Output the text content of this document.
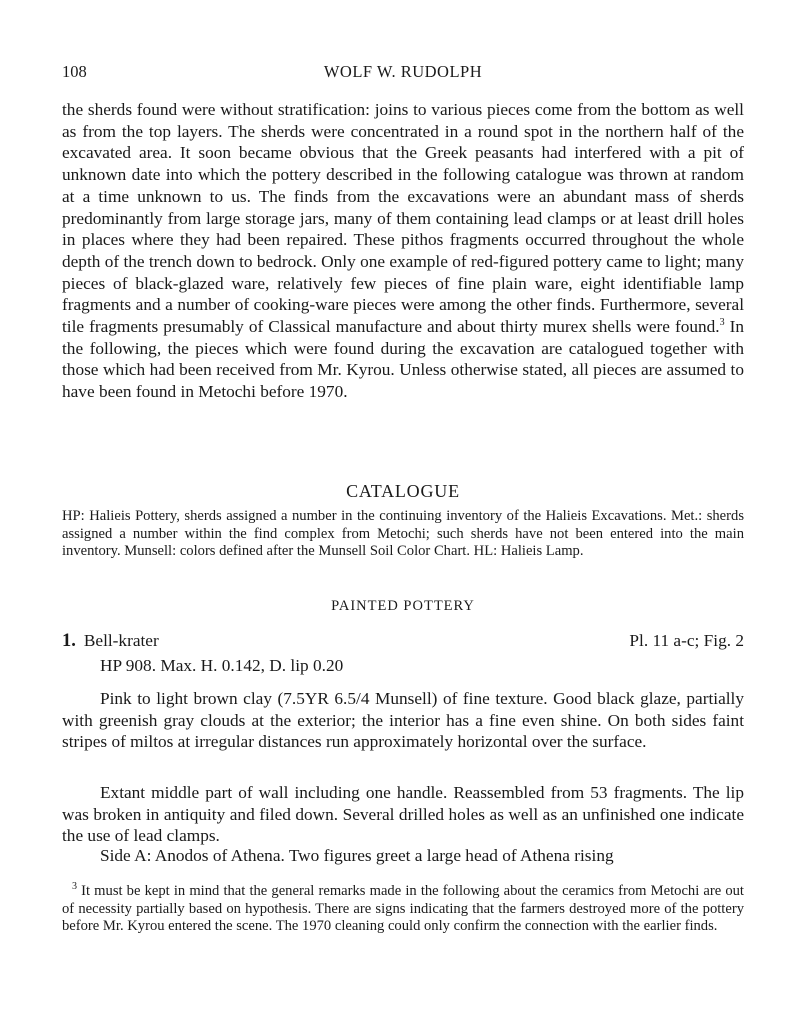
108	WOLF W. RUDOLPH

the sherds found were without stratification: joins to various pieces come from the bottom as well as from the top layers. The sherds were concentrated in a round spot in the northern half of the excavated area. It soon became obvious that the Greek peasants had interfered with a pit of unknown date into which the pottery described in the following catalogue was thrown at random at a time unknown to us. The finds from the excavations were an abundant mass of sherds predominantly from large storage jars, many of them containing lead clamps or at least drill holes in places where they had been repaired. These pithos fragments occurred throughout the whole depth of the trench down to bedrock. Only one example of red-figured pottery came to light; many pieces of black-glazed ware, relatively few pieces of fine plain ware, eight identifiable lamp fragments and a number of cooking-ware pieces were among the other finds. Furthermore, several tile fragments presumably of Classical manufacture and about thirty murex shells were found.$^3$ In the following, the pieces which were found during the excavation are catalogued together with those which had been received from Mr. Kyrou. Unless otherwise stated, all pieces are assumed to have been found in Metochi before 1970.

CATALOGUE

HP: Halieis Pottery, sherds assigned a number in the continuing inventory of the Halieis Excavations. Met.: sherds assigned a number within the find complex from Metochi; such sherds have not been entered into the main inventory. Munsell: colors defined after the Munsell Soil Color Chart. HL: Halieis Lamp.

PAINTED POTTERY
1. Bell-krater	Pl. 11 a-c; Fig. 2
HP 908. Max. H. 0.142, D. lip 0.20

Pink to light brown clay (7.5YR 6.5/4 Munsell) of fine texture. Good black glaze, partially with greenish gray clouds at the exterior; the interior has a fine even shine. On both sides faint stripes of miltos at irregular distances run approximately horizontal over the surface.

Extant middle part of wall including one handle. Reassembled from 53 fragments. The lip was broken in antiquity and filed down. Several drilled holes as well as an unfinished one indicate the use of lead clamps.

Side A: Anodos of Athena. Two figures greet a large head of Athena rising

$^3$ It must be kept in mind that the general remarks made in the following about the ceramics from Metochi are out of necessity partially based on hypothesis. There are signs indicating that the farmers destroyed more of the pottery before Mr. Kyrou entered the scene. The 1970 cleaning could only confirm the connection with the earlier finds.
